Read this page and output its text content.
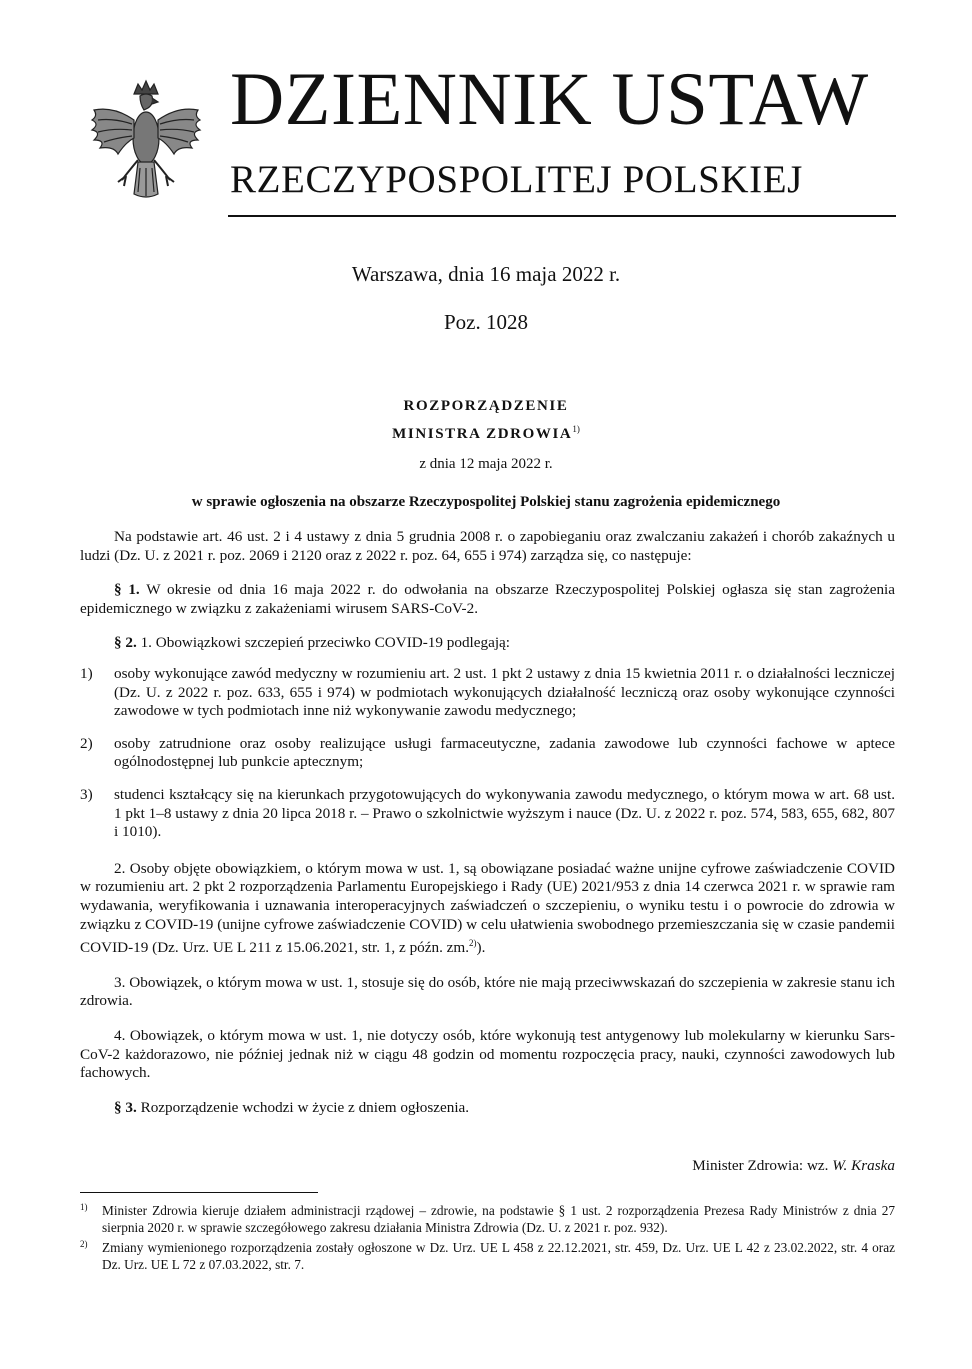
DZIENNIK USTAW
RZECZYPOSPOLITEJ POLSKIEJ
Warszawa, dnia 16 maja 2022 r.
Poz. 1028
ROZPORZĄDZENIE
MINISTRA ZDROWIA$^{1)}$
z dnia 12 maja 2022 r.
w sprawie ogłoszenia na obszarze Rzeczypospolitej Polskiej stanu zagrożenia epidemicznego

Na podstawie art. 46 ust. 2 i 4 ustawy z dnia 5 grudnia 2008 r. o zapobieganiu oraz zwalczaniu zakażeń i chorób zakaźnych u ludzi (Dz. U. z 2021 r. poz. 2069 i 2120 oraz z 2022 r. poz. 64, 655 i 974) zarządza się, co następuje:

§ 1. W okresie od dnia 16 maja 2022 r. do odwołania na obszarze Rzeczypospolitej Polskiej ogłasza się stan zagrożenia epidemicznego w związku z zakażeniami wirusem SARS-CoV-2.

§ 2. 1. Obowiązkowi szczepień przeciwko COVID-19 podlegają:

1) osoby wykonujące zawód medyczny w rozumieniu art. 2 ust. 1 pkt 2 ustawy z dnia 15 kwietnia 2011 r. o działalności leczniczej (Dz. U. z 2022 r. poz. 633, 655 i 974) w podmiotach wykonujących działalność leczniczą oraz osoby wykonujące czynności zawodowe w tych podmiotach inne niż wykonywanie zawodu medycznego;
2) osoby zatrudnione oraz osoby realizujące usługi farmaceutyczne, zadania zawodowe lub czynności fachowe w aptece ogólnodostępnej lub punkcie aptecznym;
3) studenci kształcący się na kierunkach przygotowujących do wykonywania zawodu medycznego, o którym mowa w art. 68 ust. 1 pkt 1–8 ustawy z dnia 20 lipca 2018 r. – Prawo o szkolnictwie wyższym i nauce (Dz. U. z 2022 r. poz. 574, 583, 655, 682, 807 i 1010).

2. Osoby objęte obowiązkiem, o którym mowa w ust. 1, są obowiązane posiadać ważne unijne cyfrowe zaświadczenie COVID w rozumieniu art. 2 pkt 2 rozporządzenia Parlamentu Europejskiego i Rady (UE) 2021/953 z dnia 14 czerwca 2021 r. w sprawie ram wydawania, weryfikowania i uznawania interoperacyjnych zaświadczeń o szczepieniu, o wyniku testu i o powrocie do zdrowia w związku z COVID-19 (unijne cyfrowe zaświadczenie COVID) w celu ułatwienia swobodnego przemieszczania się w czasie pandemii COVID-19 (Dz. Urz. UE L 211 z 15.06.2021, str. 1, z późn. zm.$^{2)}$).

3. Obowiązek, o którym mowa w ust. 1, stosuje się do osób, które nie mają przeciwwskazań do szczepienia w zakresie stanu ich zdrowia.

4. Obowiązek, o którym mowa w ust. 1, nie dotyczy osób, które wykonują test antygenowy lub molekularny w kierunku Sars-CoV-2 każdorazowo, nie później jednak niż w ciągu 48 godzin od momentu rozpoczęcia pracy, nauki, czynności zawodowych lub fachowych.

§ 3. Rozporządzenie wchodzi w życie z dniem ogłoszenia.

Minister Zdrowia: wz. W. Kraska
1) Minister Zdrowia kieruje działem administracji rządowej – zdrowie, na podstawie § 1 ust. 2 rozporządzenia Prezesa Rady Ministrów z dnia 27 sierpnia 2020 r. w sprawie szczegółowego zakresu działania Ministra Zdrowia (Dz. U. z 2021 r. poz. 932).
2) Zmiany wymienionego rozporządzenia zostały ogłoszone w Dz. Urz. UE L 458 z 22.12.2021, str. 459, Dz. Urz. UE L 42 z 23.02.2022, str. 4 oraz Dz. Urz. UE L 72 z 07.03.2022, str. 7.
